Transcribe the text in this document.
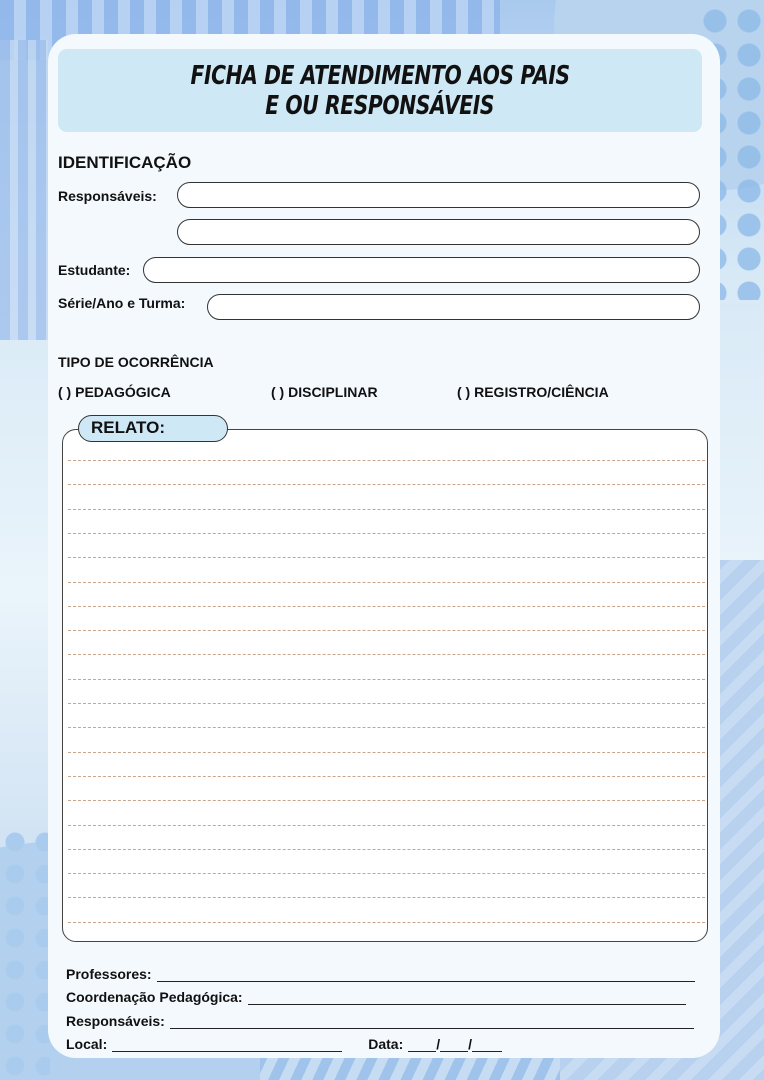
FICHA DE ATENDIMENTO AOS PAIS
E OU RESPONSÁVEIS
IDENTIFICAÇÃO
Responsáveis:
Estudante:
Série/Ano e Turma:
TIPO DE OCORRÊNCIA
( ) PEDAGÓGICA	( ) DISCIPLINAR	( ) REGISTRO/CIÊNCIA
RELATO:
Professores:
Coordenação Pedagógica:
Responsáveis:
Local:	Data: / /
